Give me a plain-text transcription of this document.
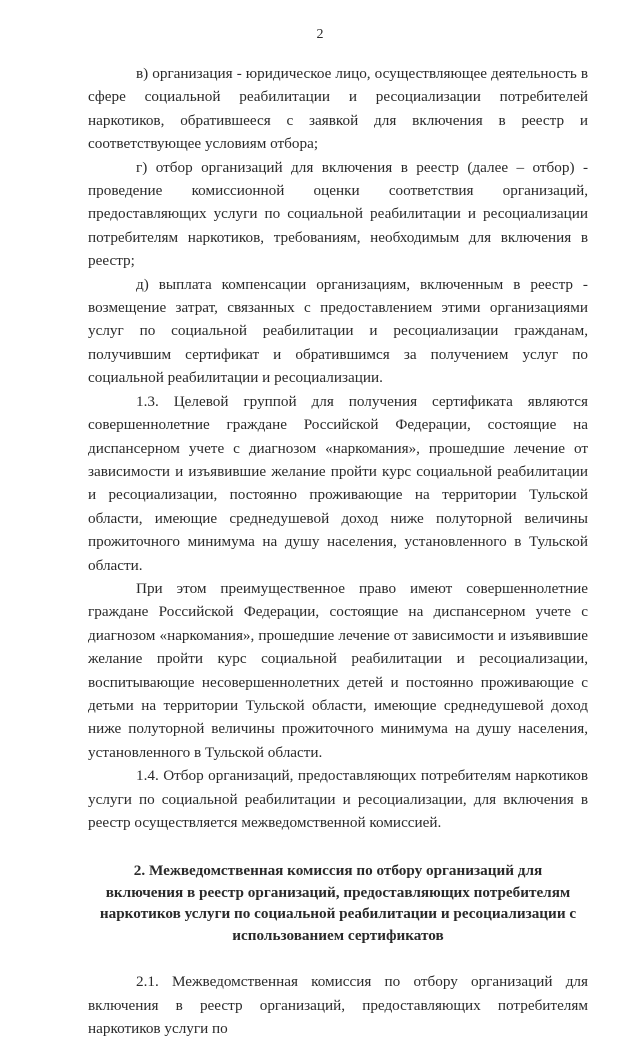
2

в) организация - юридическое лицо, осуществляющее деятельность в сфере социальной реабилитации и ресоциализации потребителей наркотиков, обратившееся с заявкой для включения в реестр и соответствующее условиям отбора;

г) отбор организаций для включения в реестр (далее – отбор) - проведение комиссионной оценки соответствия организаций, предоставляющих услуги по социальной реабилитации и ресоциализации потребителям наркотиков, требованиям, необходимым для включения в реестр;

д) выплата компенсации организациям, включенным в реестр - возмещение затрат, связанных с предоставлением этими организациями услуг по социальной реабилитации и ресоциализации гражданам, получившим сертификат и обратившимся за получением услуг по социальной реабилитации и ресоциализации.

1.3. Целевой группой для получения сертификата являются совершеннолетние граждане Российской Федерации, состоящие на диспансерном учете с диагнозом «наркомания», прошедшие лечение от зависимости и изъявившие желание пройти курс социальной реабилитации и ресоциализации, постоянно проживающие на территории Тульской области, имеющие среднедушевой доход ниже полуторной величины прожиточного минимума на душу населения, установленного в Тульской области.

При этом преимущественное право имеют совершеннолетние граждане Российской Федерации, состоящие на диспансерном учете с диагнозом «наркомания», прошедшие лечение от зависимости и изъявившие желание пройти курс социальной реабилитации и ресоциализации, воспитывающие несовершеннолетних детей и постоянно проживающие с детьми на территории Тульской области, имеющие среднедушевой доход ниже полуторной величины прожиточного минимума на душу населения, установленного в Тульской области.

1.4. Отбор организаций, предоставляющих потребителям наркотиков услуги по социальной реабилитации и ресоциализации, для включения в реестр осуществляется межведомственной комиссией.

2. Межведомственная комиссия по отбору организаций для включения в реестр организаций, предоставляющих потребителям наркотиков услуги по социальной реабилитации и ресоциализации с использованием сертификатов

2.1. Межведомственная комиссия по отбору организаций для включения в реестр организаций, предоставляющих потребителям наркотиков услуги по
